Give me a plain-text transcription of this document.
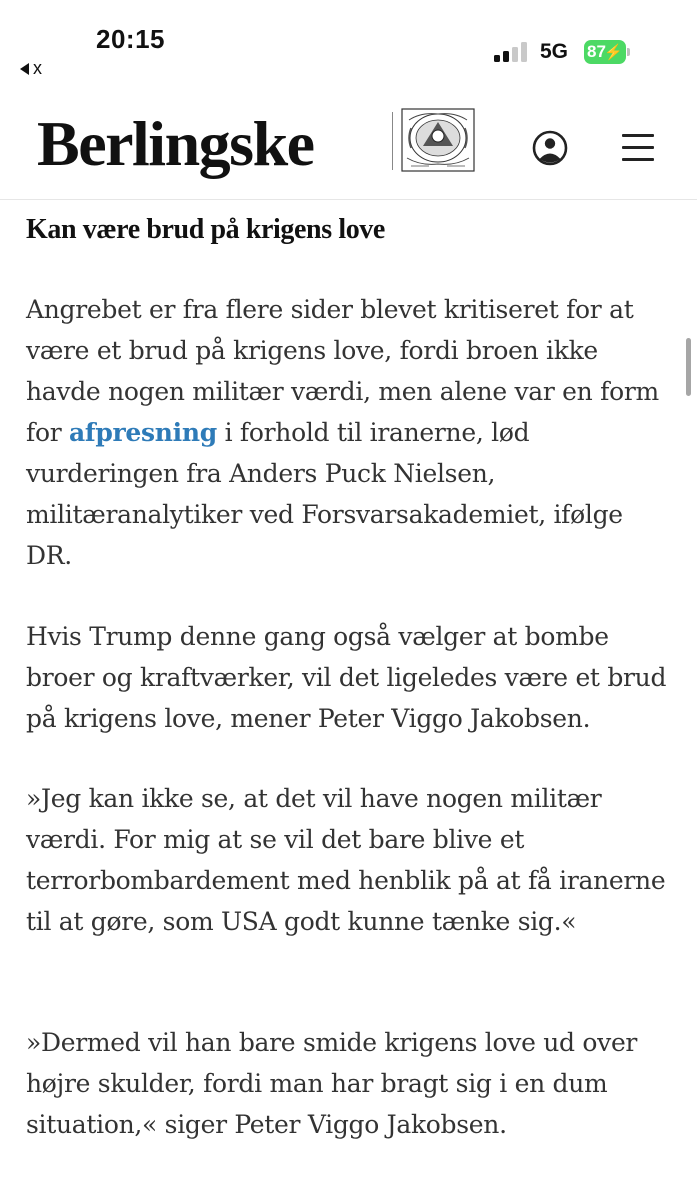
20:15
x
5G 87
⚡
Berlingske
Kan være brud på krigens love

Angrebet er fra flere sider blevet kritiseret for at være et brud på krigens love, fordi broen ikke havde nogen militær værdi, men alene var en form for afpresning i forhold til iranerne, lød vurderingen fra Anders Puck Nielsen, militæranalytiker ved Forsvarsakademiet, ifølge DR.

Hvis Trump denne gang også vælger at bombe broer og kraftværker, vil det ligeledes være et brud på krigens love, mener Peter Viggo Jakobsen.

»Jeg kan ikke se, at det vil have nogen militær værdi. For mig at se vil det bare blive et terrorbombardement med henblik på at få iranerne til at gøre, som USA godt kunne tænke sig.«

»Dermed vil han bare smide krigens love ud over højre skulder, fordi man har bragt sig i en dum situation,« siger Peter Viggo Jakobsen.
